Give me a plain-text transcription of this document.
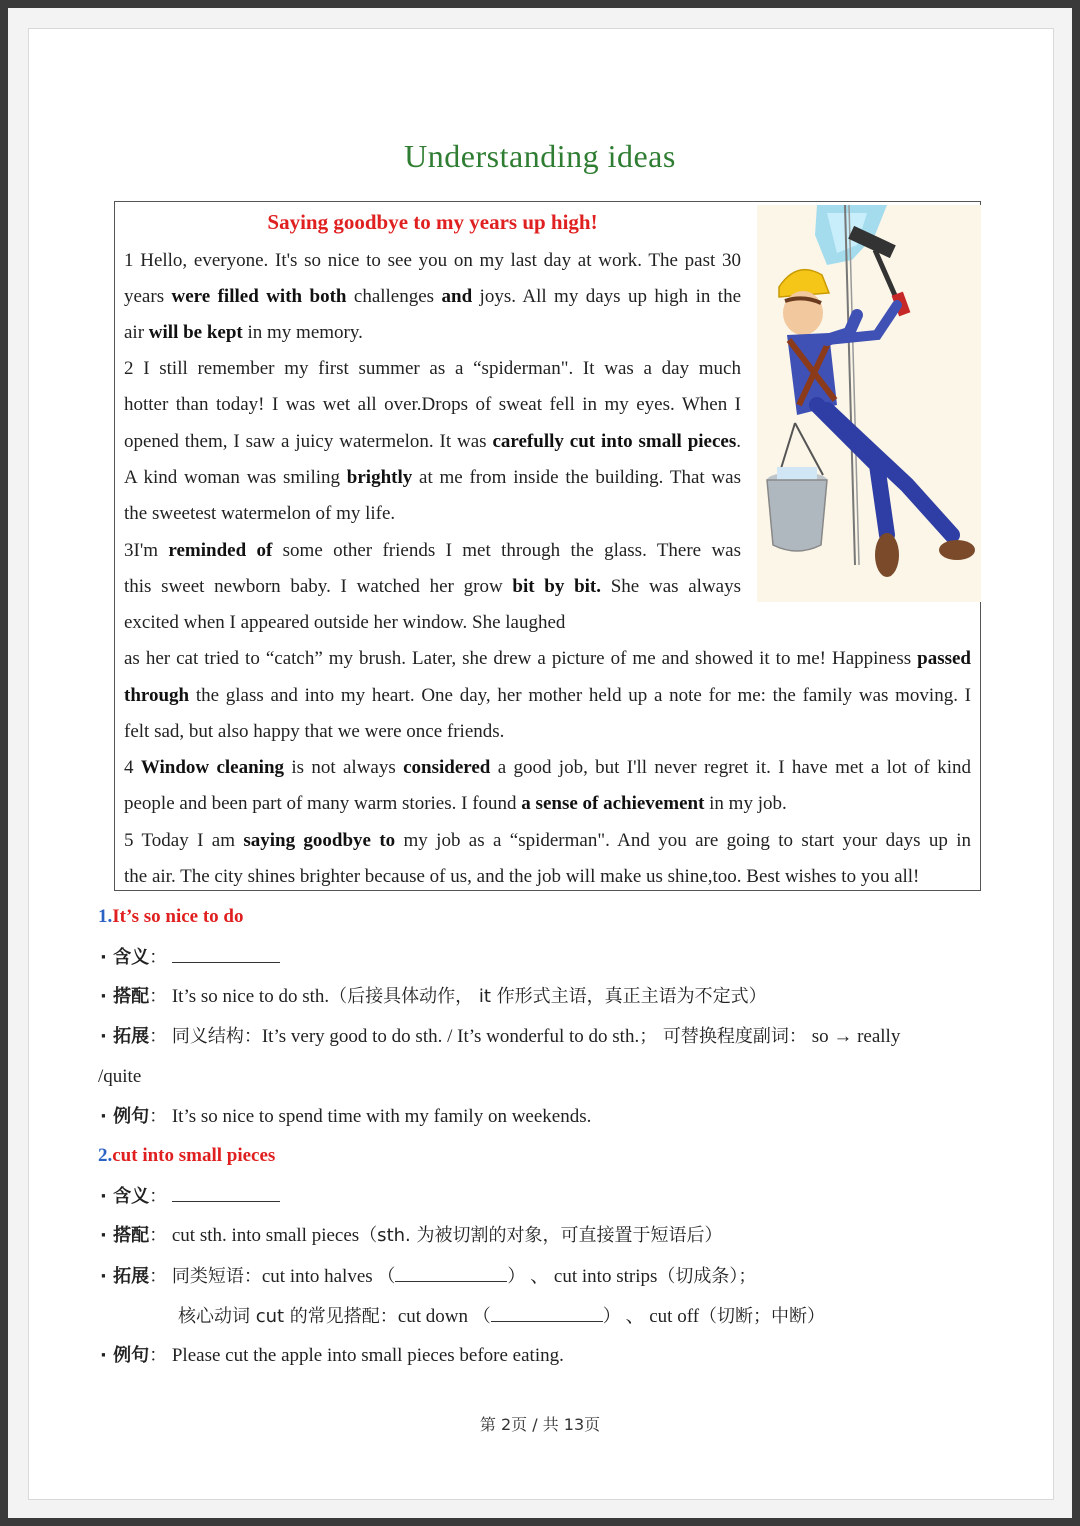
Understanding ideas
Saying goodbye to my years up high!
1 Hello, everyone. It's so nice to see you on my last day at work. The past 30
years were filled with both challenges and joys. All my days up high in the
air will be kept in my memory.
2 I still remember my first summer as a “spiderman". It was a day much
hotter than today! I was wet all over.Drops of sweat fell in my eyes. When I
opened them, I saw a juicy watermelon. It was carefully cut into small pieces.
A kind woman was smiling brightly at me from inside the building. That was
the sweetest watermelon of my life.
3I'm reminded of some other friends I met through the glass. There was
this sweet newborn baby. I watched her grow bit by bit. She was always
excited when I appeared outside her window. She laughed
as her cat tried to “catch” my brush. Later, she drew a picture of me and showed it to me! Happiness passed
through the glass and into my heart. One day, her mother held up a note for me: the family was moving. I
felt sad, but also happy that we were once friends.
4 Window cleaning is not always considered a good job, but I'll never regret it. I have met a lot of kind
people and been part of many warm stories. I found a sense of achievement in my job.
5 Today I am saying goodbye to my job as a “spiderman". And you are going to start your days up in
the air. The city shines brighter because of us, and the job will make us shine,too. Best wishes to you all!
1.It’s so nice to do
· 含义：
· 搭配： It’s so nice to do sth.（后接具体动作， it 作形式主语，真正主语为不定式）
· 拓展： 同义结构：It’s very good to do sth. / It’s wonderful to do sth.； 可替换程度副词： so → really
/quite
· 例句： It’s so nice to spend time with my family on weekends.
2.cut into small pieces
· 含义：
· 搭配： cut sth. into small pieces（sth. 为被切割的对象，可直接置于短语后）
· 拓展： 同类短语：cut into halves （	） 、 cut into strips（切成条）；
核心动词 cut 的常见搭配：cut down （	） 、 cut off（切断；中断）
· 例句： Please cut the apple into small pieces before eating.
第 2页 / 共 13页
